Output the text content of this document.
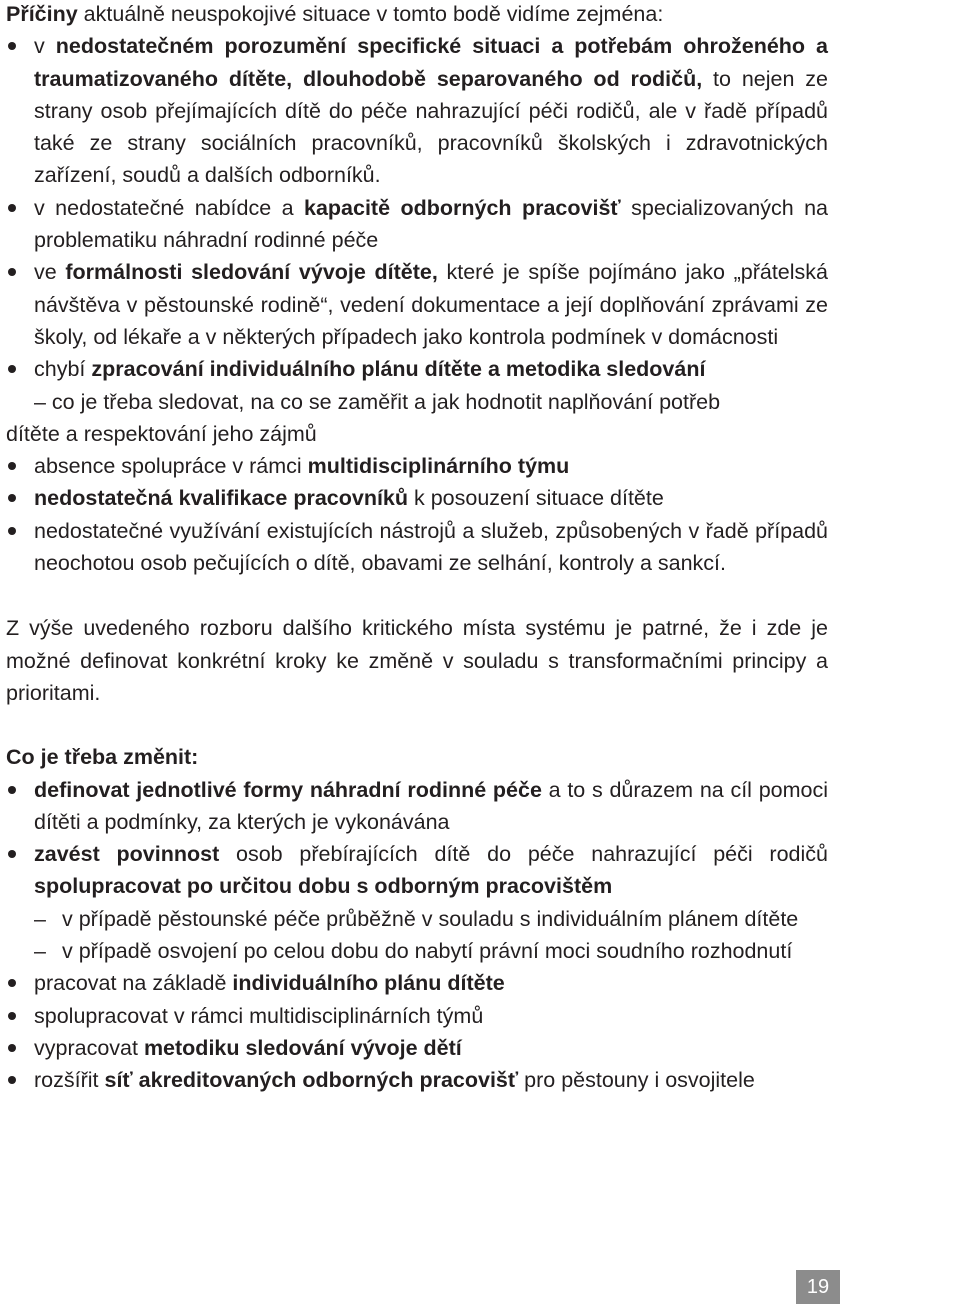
Příčiny aktuálně neuspokojivé situace v tomto bodě vidíme zejména:

v nedostatečném porozumění specifické situaci a potřebám ohroženého a traumatizovaného dítěte, dlouhodobě separovaného od rodičů, to nejen ze strany osob přejímajících dítě do péče nahrazující péči rodičů, ale v řadě případů také ze strany sociálních pracovníků, pracovníků školských i zdravotnických zařízení, soudů a dalších odborníků.
v nedostatečné nabídce a kapacitě odborných pracovišť specializovaných na problematiku náhradní rodinné péče
ve formálnosti sledování vývoje dítěte, které je spíše pojímáno jako „přátelská návštěva v pěstounské rodině“, vedení dokumentace a její doplňování zprávami ze školy, od lékaře a v některých případech jako kontrola podmínek v domácnosti
chybí zpracování individuálního plánu dítěte a metodika sledování
– co je třeba sledovat, na co se zaměřit a jak hodnotit naplňování potřeb
dítěte a respektování jeho zájmů
absence spolupráce v rámci multidisciplinárního týmu
nedostatečná kvalifikace pracovníků k posouzení situace dítěte
nedostatečné využívání existujících nástrojů a služeb, způsobených v řadě případů neochotou osob pečujících o dítě, obavami ze selhání, kontroly a sankcí.

Z výše uvedeného rozboru dalšího kritického místa systému je patrné, že i zde je možné definovat konkrétní kroky ke změně v souladu s transformačními principy a prioritami.

Co je třeba změnit:

definovat jednotlivé formy náhradní rodinné péče a to s důrazem na cíl pomoci dítěti a podmínky, za kterých je vykonávána
zavést povinnost osob přebírajících dítě do péče nahrazující péči rodičů spolupracovat po určitou dobu s odborným pracovištěm
– v případě pěstounské péče průběžně v souladu s individuálním plánem dítěte
– v případě osvojení po celou dobu do nabytí právní moci soudního rozhodnutí
pracovat na základě individuálního plánu dítěte
spolupracovat v rámci multidisciplinárních týmů
vypracovat metodiku sledování vývoje dětí
rozšířit síť akreditovaných odborných pracovišť pro pěstouny i osvojitele
19
